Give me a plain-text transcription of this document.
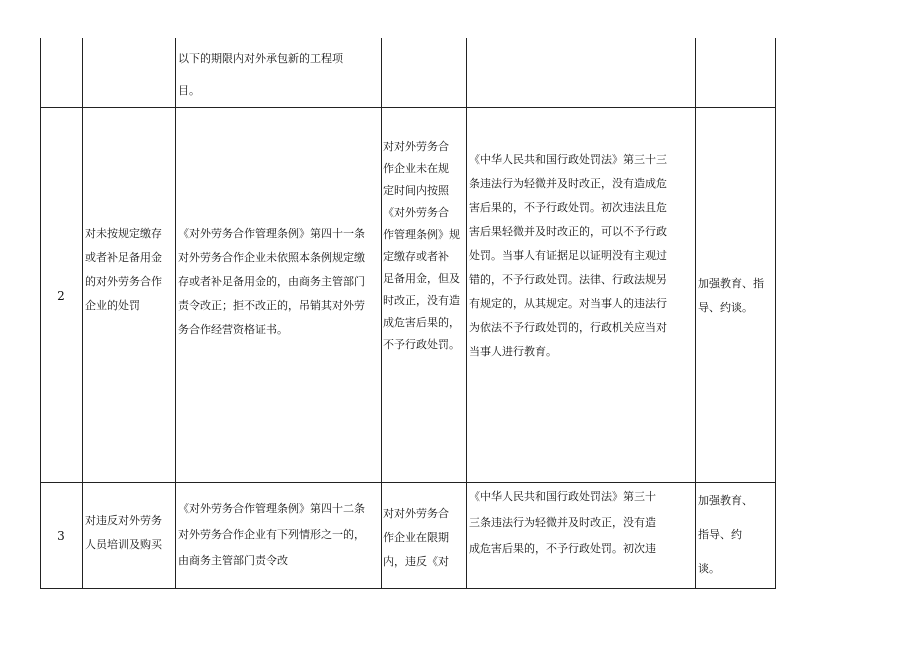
以下的期限内对外承包新的工程项
目。
2
对未按规定缴存
或者补足备用金
的对外劳务合作
企业的处罚
《对外劳务合作管理条例》第四十一条
对外劳务合作企业未依照本条例规定缴
存或者补足备用金的，由商务主管部门
责令改正；拒不改正的，吊销其对外劳
务合作经营资格证书。
对对外劳务合
作企业未在规
定时间内按照
《对外劳务合
作管理条例》规
定缴存或者补
足备用金，但及
时改正，没有造
成危害后果的，
不予行政处罚。
《中华人民共和国行政处罚法》第三十三
条违法行为轻微并及时改正，没有造成危
害后果的，不予行政处罚。初次违法且危
害后果轻微并及时改正的，可以不予行政
处罚。当事人有证据足以证明没有主观过
错的，不予行政处罚。法律、行政法规另
有规定的，从其规定。对当事人的违法行
为依法不予行政处罚的，行政机关应当对
当事人进行教育。
加强教育、指
导、约谈。
3
对违反对外劳务
人员培训及购买
《对外劳务合作管理条例》第四十二条
对外劳务合作企业有下列情形之一的，
由商务主管部门责令改
对对外劳务合
作企业在限期
内，违反《对
《中华人民共和国行政处罚法》第三十
三条违法行为轻微并及时改正，没有造
成危害后果的，不予行政处罚。初次违
加强教育、
指导、约
谈。
